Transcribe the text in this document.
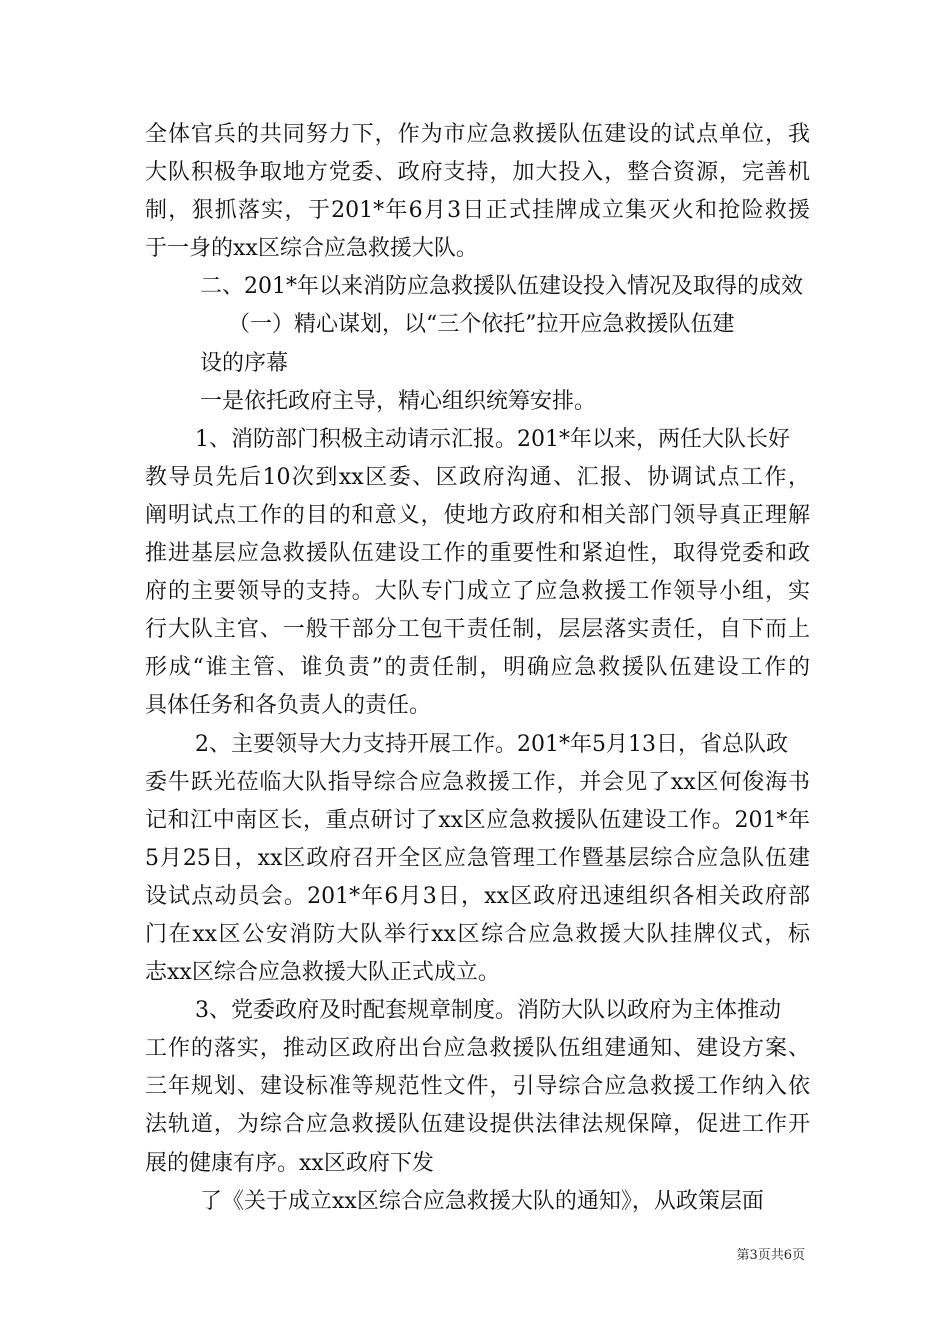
全体官兵的共同努力下，作为市应急救援队伍建设的试点单位，我
大队积极争取地方党委、政府支持，加大投入，整合资源，完善机
制，狠抓落实，于201*年6月3日正式挂牌成立集灭火和抢险救援
于一身的xx区综合应急救援大队。
二、201*年以来消防应急救援队伍建设投入情况及取得的成效
（一）精心谋划，以“三个依托”拉开应急救援队伍建
设的序幕
一是依托政府主导，精心组织统筹安排。
1、消防部门积极主动请示汇报。201*年以来，两任大队长好
教导员先后10次到xx区委、区政府沟通、汇报、协调试点工作，
阐明试点工作的目的和意义，使地方政府和相关部门领导真正理解
推进基层应急救援队伍建设工作的重要性和紧迫性，取得党委和政
府的主要领导的支持。大队专门成立了应急救援工作领导小组，实
行大队主官、一般干部分工包干责任制，层层落实责任，自下而上
形成“谁主管、谁负责”的责任制，明确应急救援队伍建设工作的
具体任务和各负责人的责任。
2、主要领导大力支持开展工作。201*年5月13日，省总队政
委牛跃光莅临大队指导综合应急救援工作，并会见了xx区何俊海书
记和江中南区长，重点研讨了xx区应急救援队伍建设工作。201*年
5月25日，xx区政府召开全区应急管理工作暨基层综合应急队伍建
设试点动员会。201*年6月3日，xx区政府迅速组织各相关政府部
门在xx区公安消防大队举行xx区综合应急救援大队挂牌仪式，标
志xx区综合应急救援大队正式成立。
3、党委政府及时配套规章制度。消防大队以政府为主体推动
工作的落实，推动区政府出台应急救援队伍组建通知、建设方案、
三年规划、建设标准等规范性文件，引导综合应急救援工作纳入依
法轨道，为综合应急救援队伍建设提供法律法规保障，促进工作开
展的健康有序。xx区政府下发
了《关于成立xx区综合应急救援大队的通知》，从政策层面
第3页共6页
